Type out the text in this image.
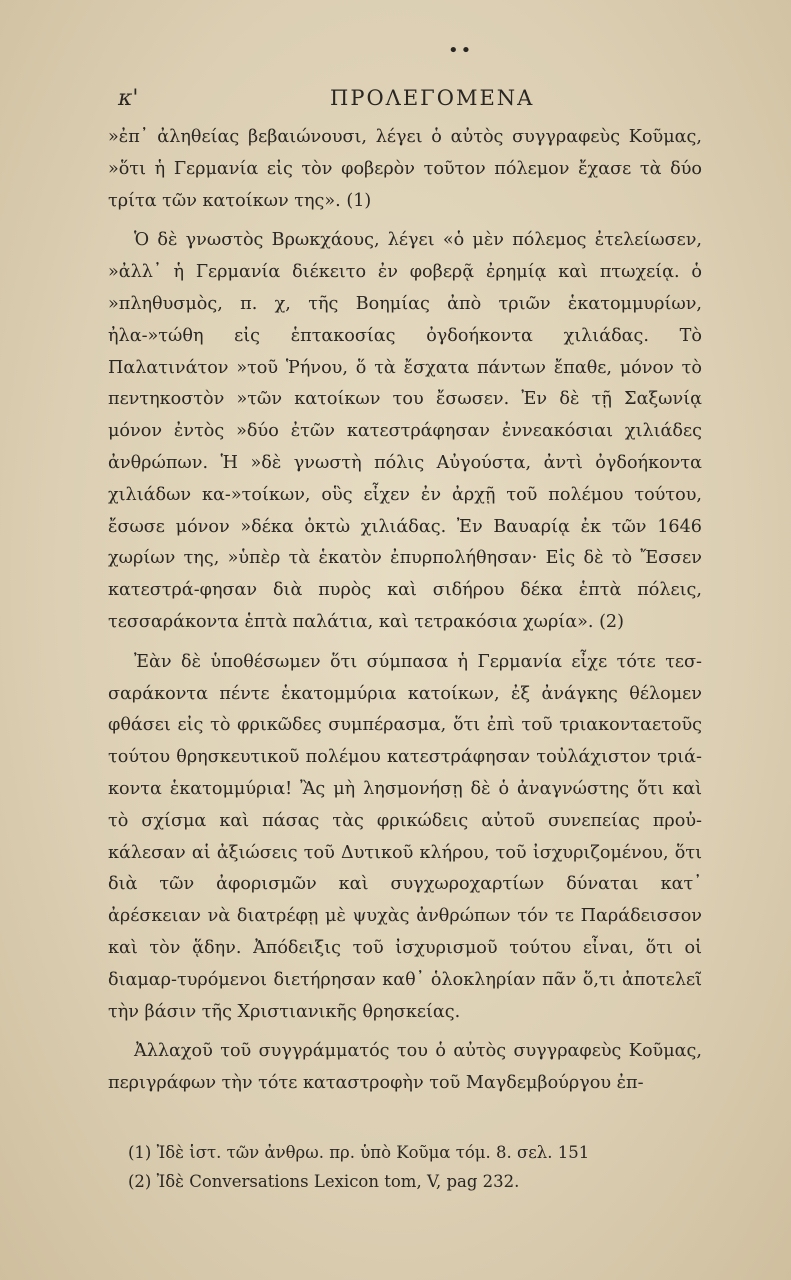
••
κ'	ΠΡΟΛΕΓΟΜΕΝΑ

»ἐπ᾿ ἀληθείας βεβαιώνουσι, λέγει ὁ αὐτὸς συγγραφεὺς Κοῦμας, »ὅτι ἡ Γερμανία εἰς τὸν φοβερὸν τοῦτον πόλεμον ἔχασε τὰ δύο τρίτα τῶν κατοίκων της». (1)

Ὁ δὲ γνωστὸς Βρωκχάους, λέγει «ὁ μὲν πόλεμος ἐτελείωσεν, »ἀλλ᾿ ἡ Γερμανία διέκειτο ἐν φοβερᾷ ἐρημίᾳ καὶ πτωχείᾳ. ὁ »πληθυσμὸς, π. χ, τῆς Βοημίας ἀπὸ τριῶν ἑκατομμυρίων, ἠλα-»τώθη εἰς ἑπτακοσίας ὀγδοήκοντα χιλιάδας. Τὸ Παλατινάτον »τοῦ Ῥήνου, ὅ τὰ ἔσχατα πάντων ἔπαθε, μόνον τὸ πεντηκοστὸν »τῶν κατοίκων του ἔσωσεν. Ἐν δὲ τῇ Σαξωνίᾳ μόνον ἐντὸς »δύο ἐτῶν κατεστράφησαν ἐννεακόσιαι χιλιάδες ἀνθρώπων. Ἡ »δὲ γνωστὴ πόλις Αὐγούστα, ἀντὶ ὀγδοήκοντα χιλιάδων κα-»τοίκων, οὓς εἶχεν ἐν ἀρχῇ τοῦ πολέμου τούτου, ἔσωσε μόνον »δέκα ὀκτὼ χιλιάδας. Ἐν Βαυαρίᾳ ἐκ τῶν 1646 χωρίων της, »ὑπὲρ τὰ ἑκατὸν ἐπυρπολήθησαν· Εἰς δὲ τὸ Ἔσσεν κατεστρά-φησαν διὰ πυρὸς καὶ σιδήρου δέκα ἑπτὰ πόλεις, τεσσαράκοντα ἑπτὰ παλάτια, καὶ τετρακόσια χωρία». (2)

Ἐὰν δὲ ὑποθέσωμεν ὅτι σύμπασα ἡ Γερμανία εἶχε τότε τεσ-σαράκοντα πέντε ἑκατομμύρια κατοίκων, ἐξ ἀνάγκης θέλομεν φθάσει εἰς τὸ φρικῶδες συμπέρασμα, ὅτι ἐπὶ τοῦ τριακονταετοῦς τούτου θρησκευτικοῦ πολέμου κατεστράφησαν τοὐλάχιστον τριά-κοντα ἑκατομμύρια! Ἂς μὴ λησμονήσῃ δὲ ὁ ἀναγνώστης ὅτι καὶ τὸ σχίσμα καὶ πάσας τὰς φρικώδεις αὐτοῦ συνεπείας προὐ-κάλεσαν αἱ ἀξιώσεις τοῦ Δυτικοῦ κλήρου, τοῦ ἰσχυριζομένου, ὅτι διὰ τῶν ἀφορισμῶν καὶ συγχωροχαρτίων δύναται κατ᾿ ἀρέσκειαν νὰ διατρέφῃ μὲ ψυχὰς ἀνθρώπων τόν τε Παράδεισσον καὶ τὸν ᾅδην. Ἀπόδειξις τοῦ ἰσχυρισμοῦ τούτου εἶναι, ὅτι οἱ διαμαρ-τυρόμενοι διετήρησαν καθ᾿ ὁλοκληρίαν πᾶν ὅ,τι ἀποτελεῖ τὴν βάσιν τῆς Χριστιανικῆς θρησκείας.

Ἀλλαχοῦ τοῦ συγγράμματός του ὁ αὐτὸς συγγραφεὺς Κοῦμας, περιγράφων τὴν τότε καταστροφὴν τοῦ Μαγδεμβούργου ἐπ-

(1) Ἰδὲ ἱστ. τῶν ἀνθρω. πρ. ὑπὸ Κοῦμα τόμ. 8. σελ. 151

(2) Ἰδὲ Conversations Lexicon tom, V, pag 232.
